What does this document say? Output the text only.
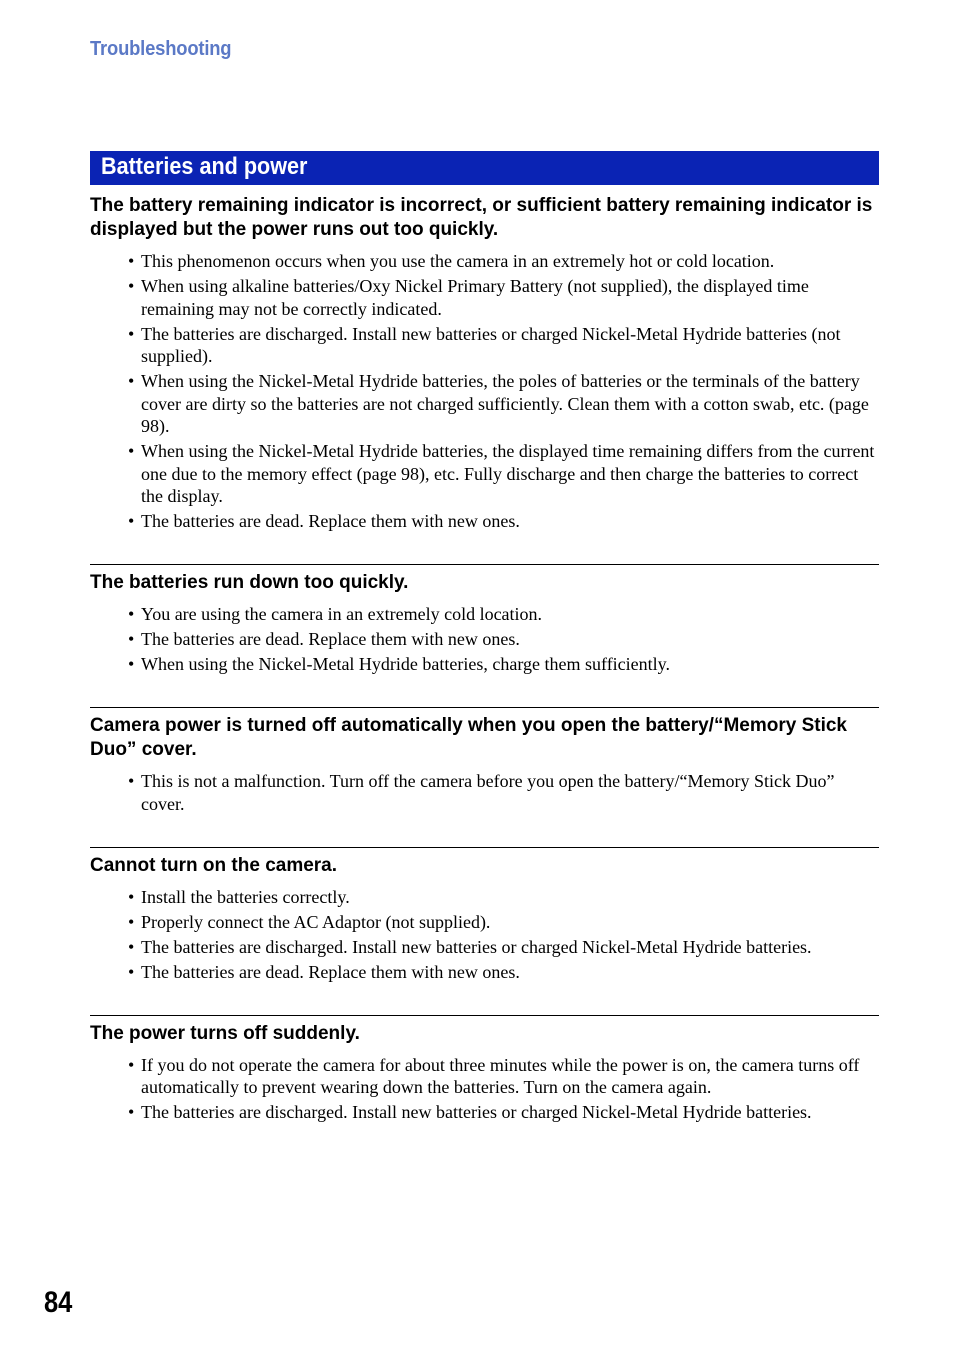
Troubleshooting
Batteries and power
The battery remaining indicator is incorrect, or sufficient battery remaining indicator is displayed but the power runs out too quickly.
• This phenomenon occurs when you use the camera in an extremely hot or cold location.
• When using alkaline batteries/Oxy Nickel Primary Battery (not supplied), the displayed time remaining may not be correctly indicated.
• The batteries are discharged. Install new batteries or charged Nickel-Metal Hydride batteries (not supplied).
• When using the Nickel-Metal Hydride batteries, the poles of batteries or the terminals of the battery cover are dirty so the batteries are not charged sufficiently. Clean them with a cotton swab, etc. (page 98).
• When using the Nickel-Metal Hydride batteries, the displayed time remaining differs from the current one due to the memory effect (page 98), etc. Fully discharge and then charge the batteries to correct the display.
• The batteries are dead. Replace them with new ones.
The batteries run down too quickly.
• You are using the camera in an extremely cold location.
• The batteries are dead. Replace them with new ones.
• When using the Nickel-Metal Hydride batteries, charge them sufficiently.
Camera power is turned off automatically when you open the battery/“Memory Stick Duo” cover.
• This is not a malfunction. Turn off the camera before you open the battery/“Memory Stick Duo” cover.
Cannot turn on the camera.
• Install the batteries correctly.
• Properly connect the AC Adaptor (not supplied).
• The batteries are discharged. Install new batteries or charged Nickel-Metal Hydride batteries.
• The batteries are dead. Replace them with new ones.
The power turns off suddenly.
• If you do not operate the camera for about three minutes while the power is on, the camera turns off automatically to prevent wearing down the batteries. Turn on the camera again.
• The batteries are discharged. Install new batteries or charged Nickel-Metal Hydride batteries.
84
